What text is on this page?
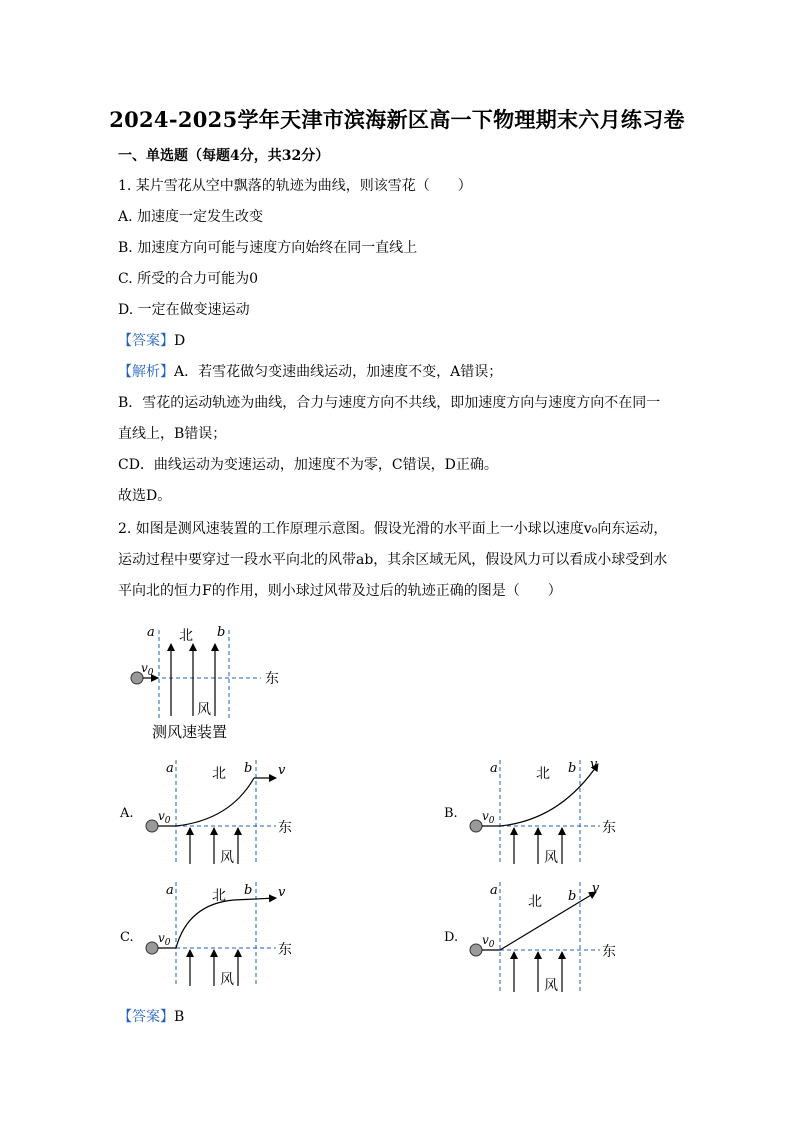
2024-2025学年天津市滨海新区高一下物理期末六月练习卷
一、单选题（每题4分，共32分）
1. 某片雪花从空中飘落的轨迹为曲线，则该雪花（　　）
A. 加速度一定发生改变
B. 加速度方向可能与速度方向始终在同一直线上
C. 所受的合力可能为0
D. 一定在做变速运动
【答案】D
【解析】A．若雪花做匀变速曲线运动，加速度不变，A错误；
B．雪花的运动轨迹为曲线，合力与速度方向不共线，即加速度方向与速度方向不在同一
直线上，B错误；
CD．曲线运动为变速运动，加速度不为零，C错误，D正确。
故选D。
2. 如图是测风速装置的工作原理示意图。假设光滑的水平面上一小球以速度v₀向东运动，
运动过程中要穿过一段水平向北的风带ab，其余区域无风，假设风力可以看成小球受到水
平向北的恒力F的作用，则小球过风带及过后的轨迹正确的图是（　　）
a	b
北
东
风
$v_0$
测风速装置
A.
a	b
北
东
v
风
$v_0$	B.
a	b
北
东
v
风
$v_0$
C.
a	b
北
东
v
风
$v_0$	D.
a	b
北
东
v
风
$v_0$
【答案】B
